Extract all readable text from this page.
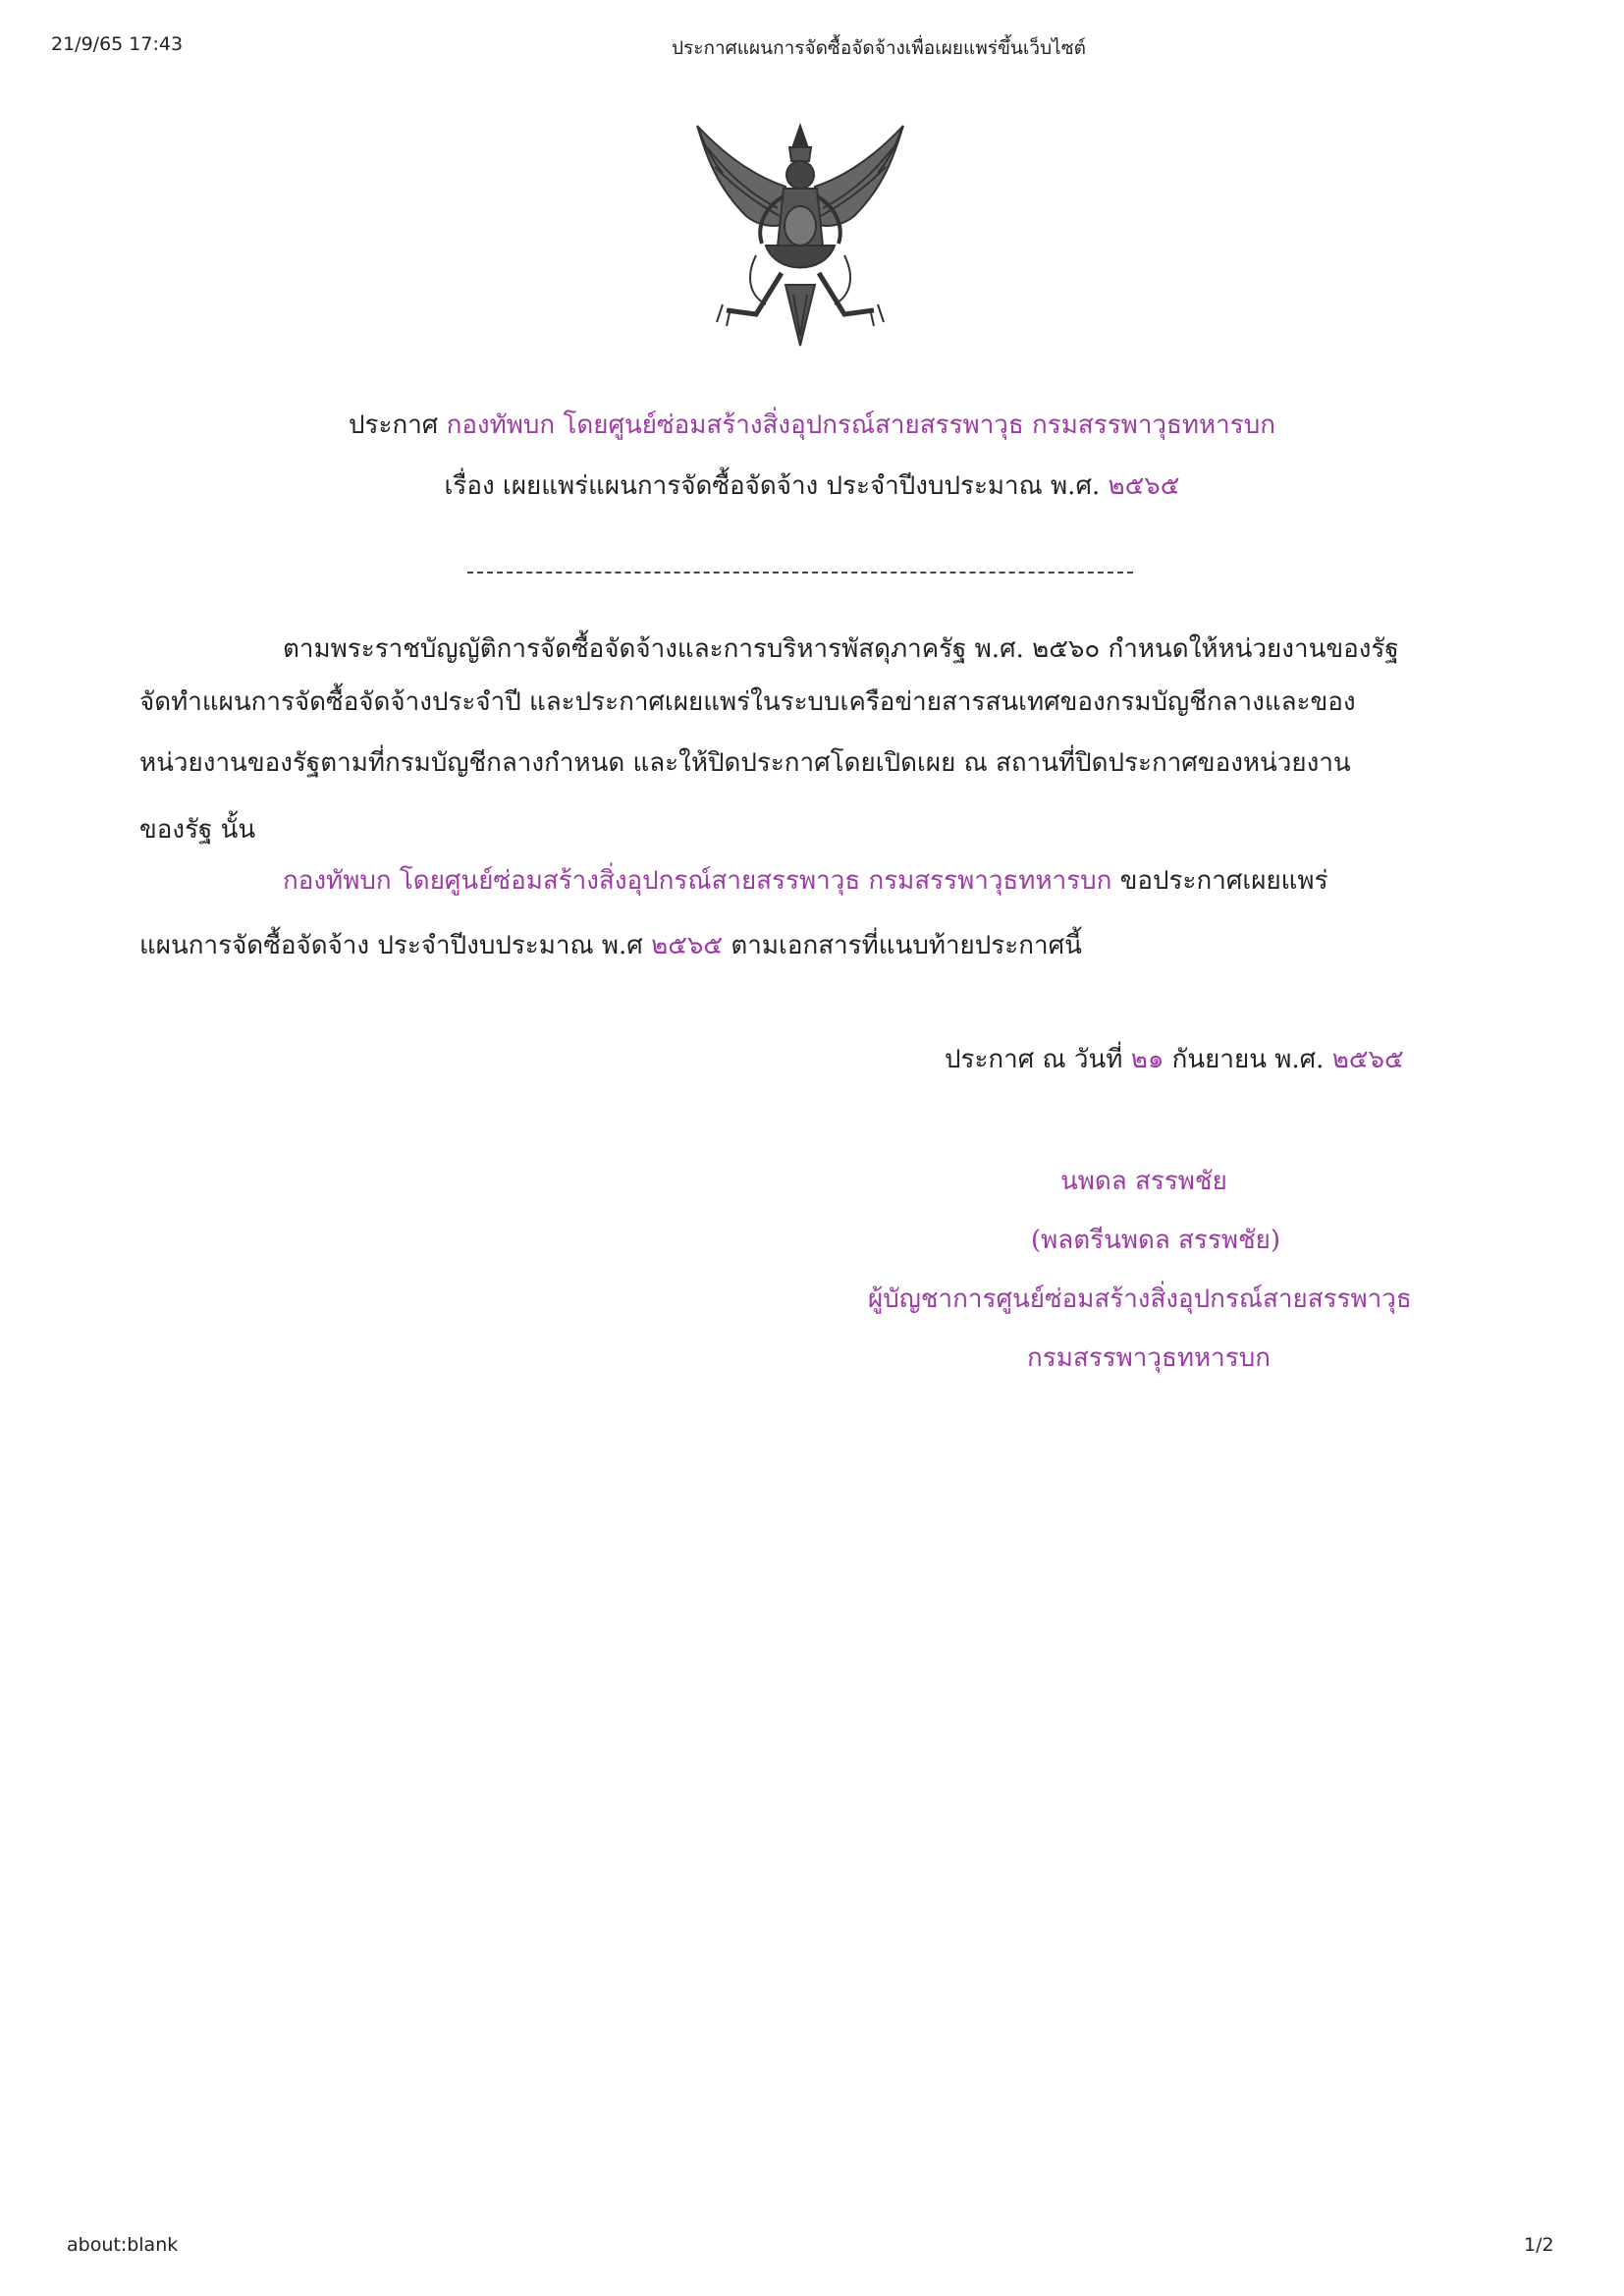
21/9/65 17:43	ประกาศแผนการจัดซื้อจัดจ้างเพื่อเผยแพร่ขึ้นเว็บไซต์
ประกาศ กองทัพบก โดยศูนย์ซ่อมสร้างสิ่งอุปกรณ์สายสรรพาวุธ กรมสรรพาวุธทหารบก
เรื่อง เผยแพร่แผนการจัดซื้อจัดจ้าง ประจำปีงบประมาณ พ.ศ. ๒๕๖๕
ตามพระราชบัญญัติการจัดซื้อจัดจ้างและการบริหารพัสดุภาครัฐ พ.ศ. ๒๕๖๐ กำหนดให้หน่วยงานของรัฐ
จัดทำแผนการจัดซื้อจัดจ้างประจำปี และประกาศเผยแพร่ในระบบเครือข่ายสารสนเทศของกรมบัญชีกลางและของ
หน่วยงานของรัฐตามที่กรมบัญชีกลางกำหนด และให้ปิดประกาศโดยเปิดเผย ณ สถานที่ปิดประกาศของหน่วยงาน
ของรัฐ นั้น
กองทัพบก โดยศูนย์ซ่อมสร้างสิ่งอุปกรณ์สายสรรพาวุธ กรมสรรพาวุธทหารบก ขอประกาศเผยแพร่
แผนการจัดซื้อจัดจ้าง ประจำปีงบประมาณ พ.ศ ๒๕๖๕ ตามเอกสารที่แนบท้ายประกาศนี้
ประกาศ ณ วันที่ ๒๑ กันยายน พ.ศ. ๒๕๖๕
นพดล สรรพชัย
(พลตรีนพดล สรรพชัย)
ผู้บัญชาการศูนย์ซ่อมสร้างสิ่งอุปกรณ์สายสรรพาวุธ
กรมสรรพาวุธทหารบก
about:blank	1/2
